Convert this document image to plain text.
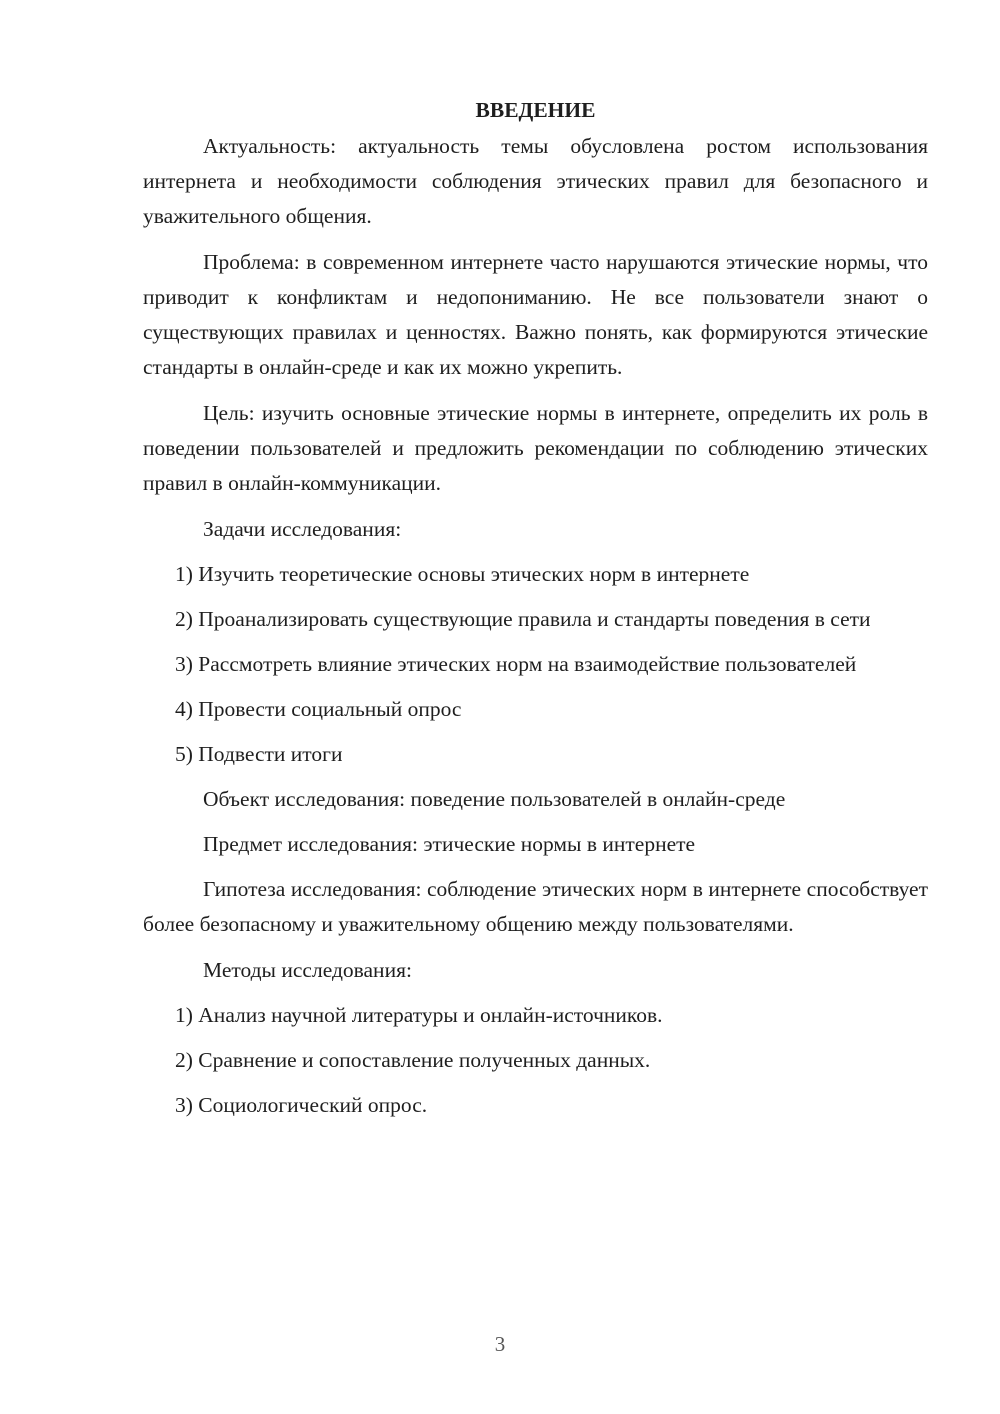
ВВЕДЕНИЕ

Актуальность: актуальность темы обусловлена ростом использования интернета и необходимости соблюдения этических правил для безопасного и уважительного общения.

Проблема: в современном интернете часто нарушаются этические нормы, что приводит к конфликтам и недопониманию. Не все пользователи знают о существующих правилах и ценностях. Важно понять, как формируются этические стандарты в онлайн-среде и как их можно укрепить.

Цель: изучить основные этические нормы в интернете, определить их роль в поведении пользователей и предложить рекомендации по соблюдению этических правил в онлайн-коммуникации.

Задачи исследования:

1) Изучить теоретические основы этических норм в интернете

2) Проанализировать существующие правила и стандарты поведения в сети

3) Рассмотреть влияние этических норм на взаимодействие пользователей

4) Провести социальный опрос

5) Подвести итоги

Объект исследования: поведение пользователей в онлайн-среде

Предмет исследования: этические нормы в интернете

Гипотеза исследования: соблюдение этических норм в интернете способствует более безопасному и уважительному общению между пользователями.

Методы исследования:

1) Анализ научной литературы и онлайн-источников.

2) Сравнение и сопоставление полученных данных.

3) Социологический опрос.

3
